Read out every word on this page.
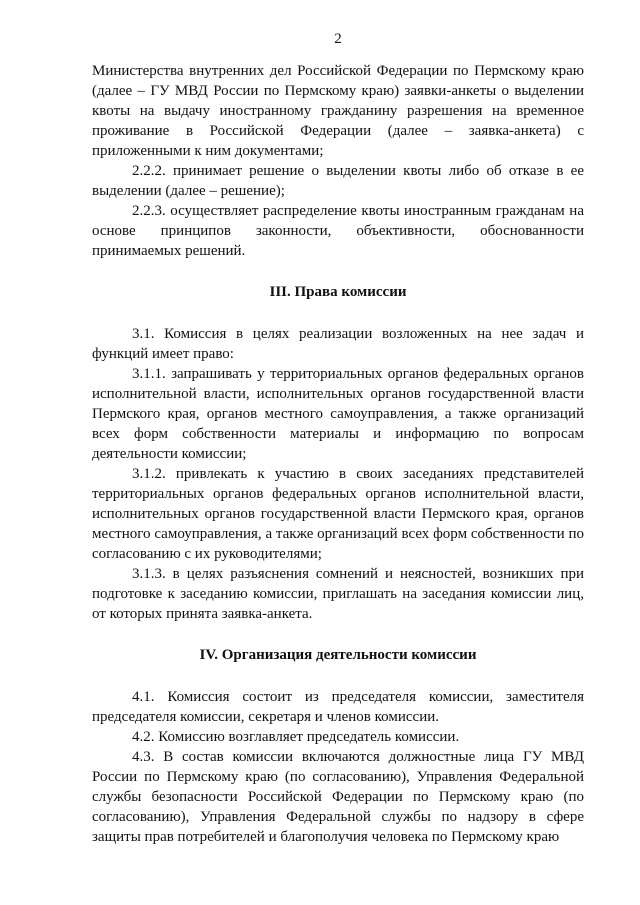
2

Министерства внутренних дел Российской Федерации по Пермскому краю (далее – ГУ МВД России по Пермскому краю) заявки-анкеты о выделении квоты на выдачу иностранному гражданину разрешения на временное проживание в Российской Федерации (далее – заявка-анкета) с приложенными к ним документами;

2.2.2. принимает решение о выделении квоты либо об отказе в ее выделении (далее – решение);

2.2.3. осуществляет распределение квоты иностранным гражданам на основе принципов законности, объективности, обоснованности принимаемых решений.

III. Права комиссии

3.1. Комиссия в целях реализации возложенных на нее задач и функций имеет право:

3.1.1. запрашивать у территориальных органов федеральных органов исполнительной власти, исполнительных органов государственной власти Пермского края, органов местного самоуправления, а также организаций всех форм собственности материалы и информацию по вопросам деятельности комиссии;

3.1.2. привлекать к участию в своих заседаниях представителей территориальных органов федеральных органов исполнительной власти, исполнительных органов государственной власти Пермского края, органов местного самоуправления, а также организаций всех форм собственности по согласованию с их руководителями;

3.1.3. в целях разъяснения сомнений и неясностей, возникших при подготовке к заседанию комиссии, приглашать на заседания комиссии лиц, от которых принята заявка-анкета.

IV. Организация деятельности комиссии

4.1. Комиссия состоит из председателя комиссии, заместителя председателя комиссии, секретаря и членов комиссии.

4.2. Комиссию возглавляет председатель комиссии.

4.3. В состав комиссии включаются должностные лица ГУ МВД России по Пермскому краю (по согласованию), Управления Федеральной службы безопасности Российской Федерации по Пермскому краю (по согласованию), Управления Федеральной службы по надзору в сфере защиты прав потребителей и благополучия человека по Пермскому краю
